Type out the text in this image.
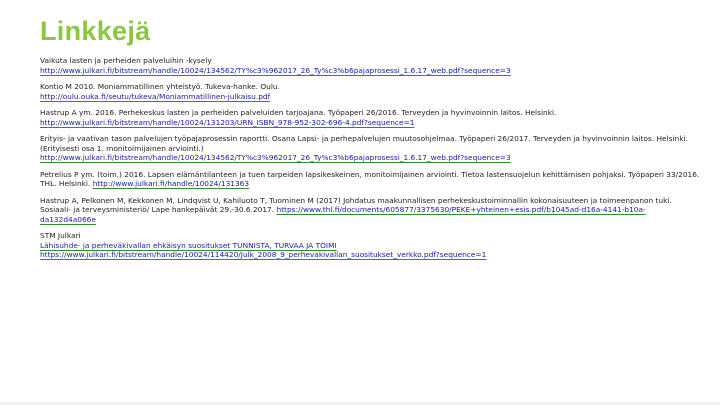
Linkkejä
Vaikuta lasten ja perheiden palveluihin -kysely
http://www.julkari.fi/bitstream/handle/10024/134562/TY%c3%962017_26_Ty%c3%b6pajaprosessi_1.6.17_web.pdf?sequence=3
Kontio M 2010. Moniammatillinen yhteistyö. Tukeva-hanke. Oulu.
http://oulu.ouka.fi/seutu/tukeva/Moniammatillinen-julkaisu.pdf
Hastrup A ym. 2016. Perhekeskus lasten ja perheiden palveluiden tarjoajana. Työpaperi 26/2016. Terveyden ja hyvinvoinnin laitos. Helsinki.
http://www.julkari.fi/bitstream/handle/10024/131203/URN_ISBN_978-952-302-696-4.pdf?sequence=1
Erityis- ja vaativan tason palvelujen työpajaprosessin raportti. Osana Lapsi- ja perhepalvelujen muutosohjelmaa. Työpaperi 26/2017. Terveyden ja hyvinvoinnin laitos. Helsinki.
(Erityisesti osa 1. monitoimijainen arviointi.)
http://www.julkari.fi/bitstream/handle/10024/134562/TY%c3%962017_26_Ty%c3%b6pajaprosessi_1.6.17_web.pdf?sequence=3
Petrelius P ym. (toim.) 2016. Lapsen elämäntilanteen ja tuen tarpeiden lapsikeskeinen, monitoimijainen arviointi. Tietoa lastensuojelun kehittämisen pohjaksi. Työpaperi 33/2016.
THL. Helsinki. http://www.julkari.fi/handle/10024/131363
Hastrup A, Pelkonen M, Kekkonen M, Lindqvist U, Kahiluoto T, Tuominen M (2017) Johdatus maakunnallisen perhekeskustoiminnallin kokonaisuuteen ja toimeenpanon tuki.
Sosiaali- ja terveysministeriö/ Lape hankepäivät 29.-30.6.2017. https://www.thl.fi/documents/605877/3375630/PEKE+yhteinen+esis.pdf/b1045ad-d16a-4141-b10a-
da132d4a066e
STM Julkari
Lähisuhde- ja perheväkivallan ehkäisyn suositukset TUNNISTA, TURVAA JA TOIMI
https://www.julkari.fi/bitstream/handle/10024/114420/Julk_2008_9_perhevakivallan_suositukset_verkko.pdf?sequence=1
